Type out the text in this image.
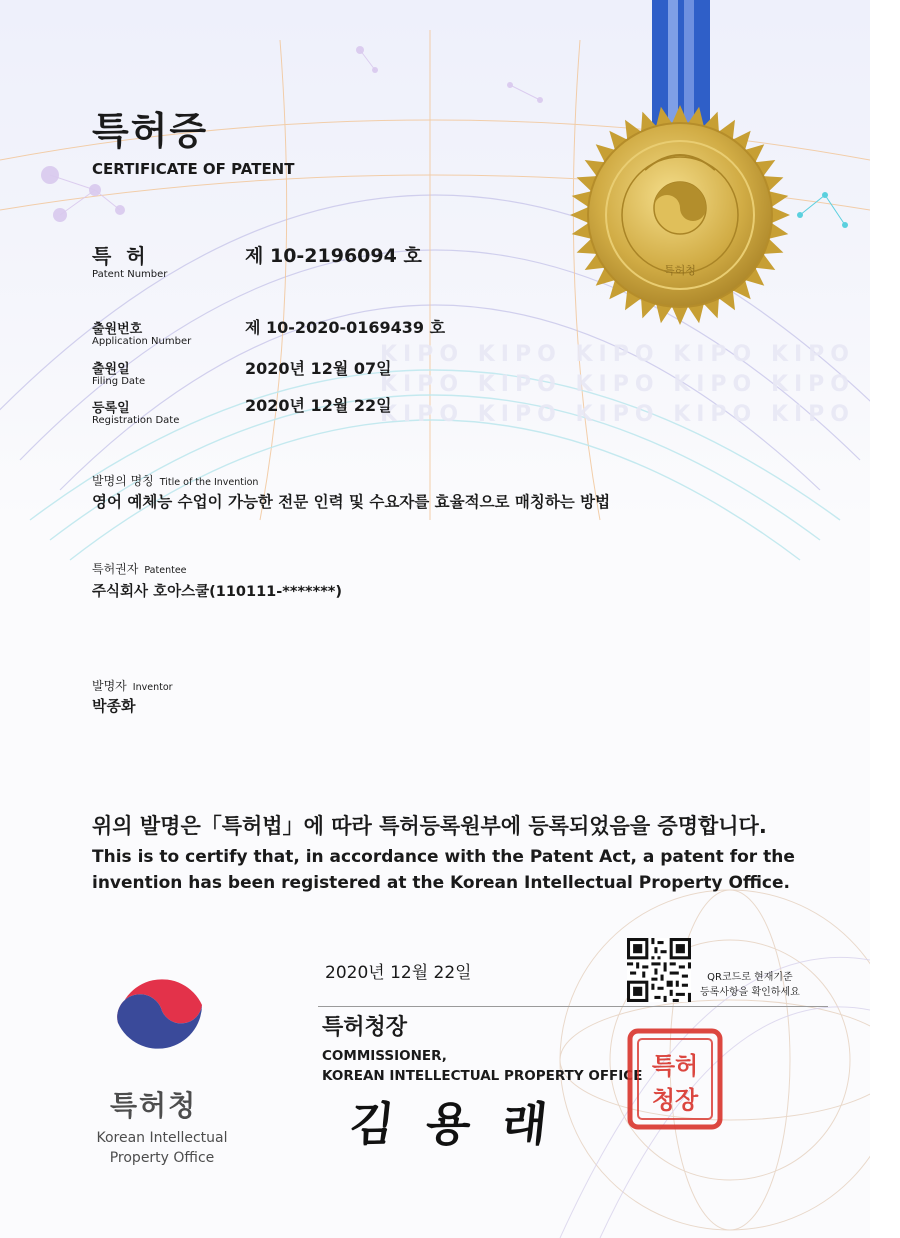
특허청
KIPO KIPO KIPO KIPO KIPO
KIPO KIPO KIPO KIPO KIPO
KIPO KIPO KIPO KIPO KIPO
특허증
CERTIFICATE OF PATENT
특 허
Patent Number
제 10-2196094 호
출원번호
Application Number
제 10-2020-0169439 호
출원일
Filing Date
2020년 12월 07일
등록일
Registration Date
2020년 12월 22일
발명의 명칭 Title of the Invention
영어 예체능 수업이 가능한 전문 인력 및 수요자를 효율적으로 매칭하는 방법
특허권자 Patentee
주식회사 호아스쿨(110111-*******)
발명자 Inventor
박종화
위의 발명은「특허법」에 따라 특허등록원부에 등록되었음을 증명합니다.
This is to certify that, in accordance with the Patent Act, a patent for the
invention has been registered at the Korean Intellectual Property Office.
2020년 12월 22일	QR코드로 현재기준
등록사항을 확인하세요
특허청장
COMMISSIONER,
KOREAN INTELLECTUAL PROPERTY OFFICE
김 용 래
특허
청장
특허청
Korean Intellectual
Property Office
